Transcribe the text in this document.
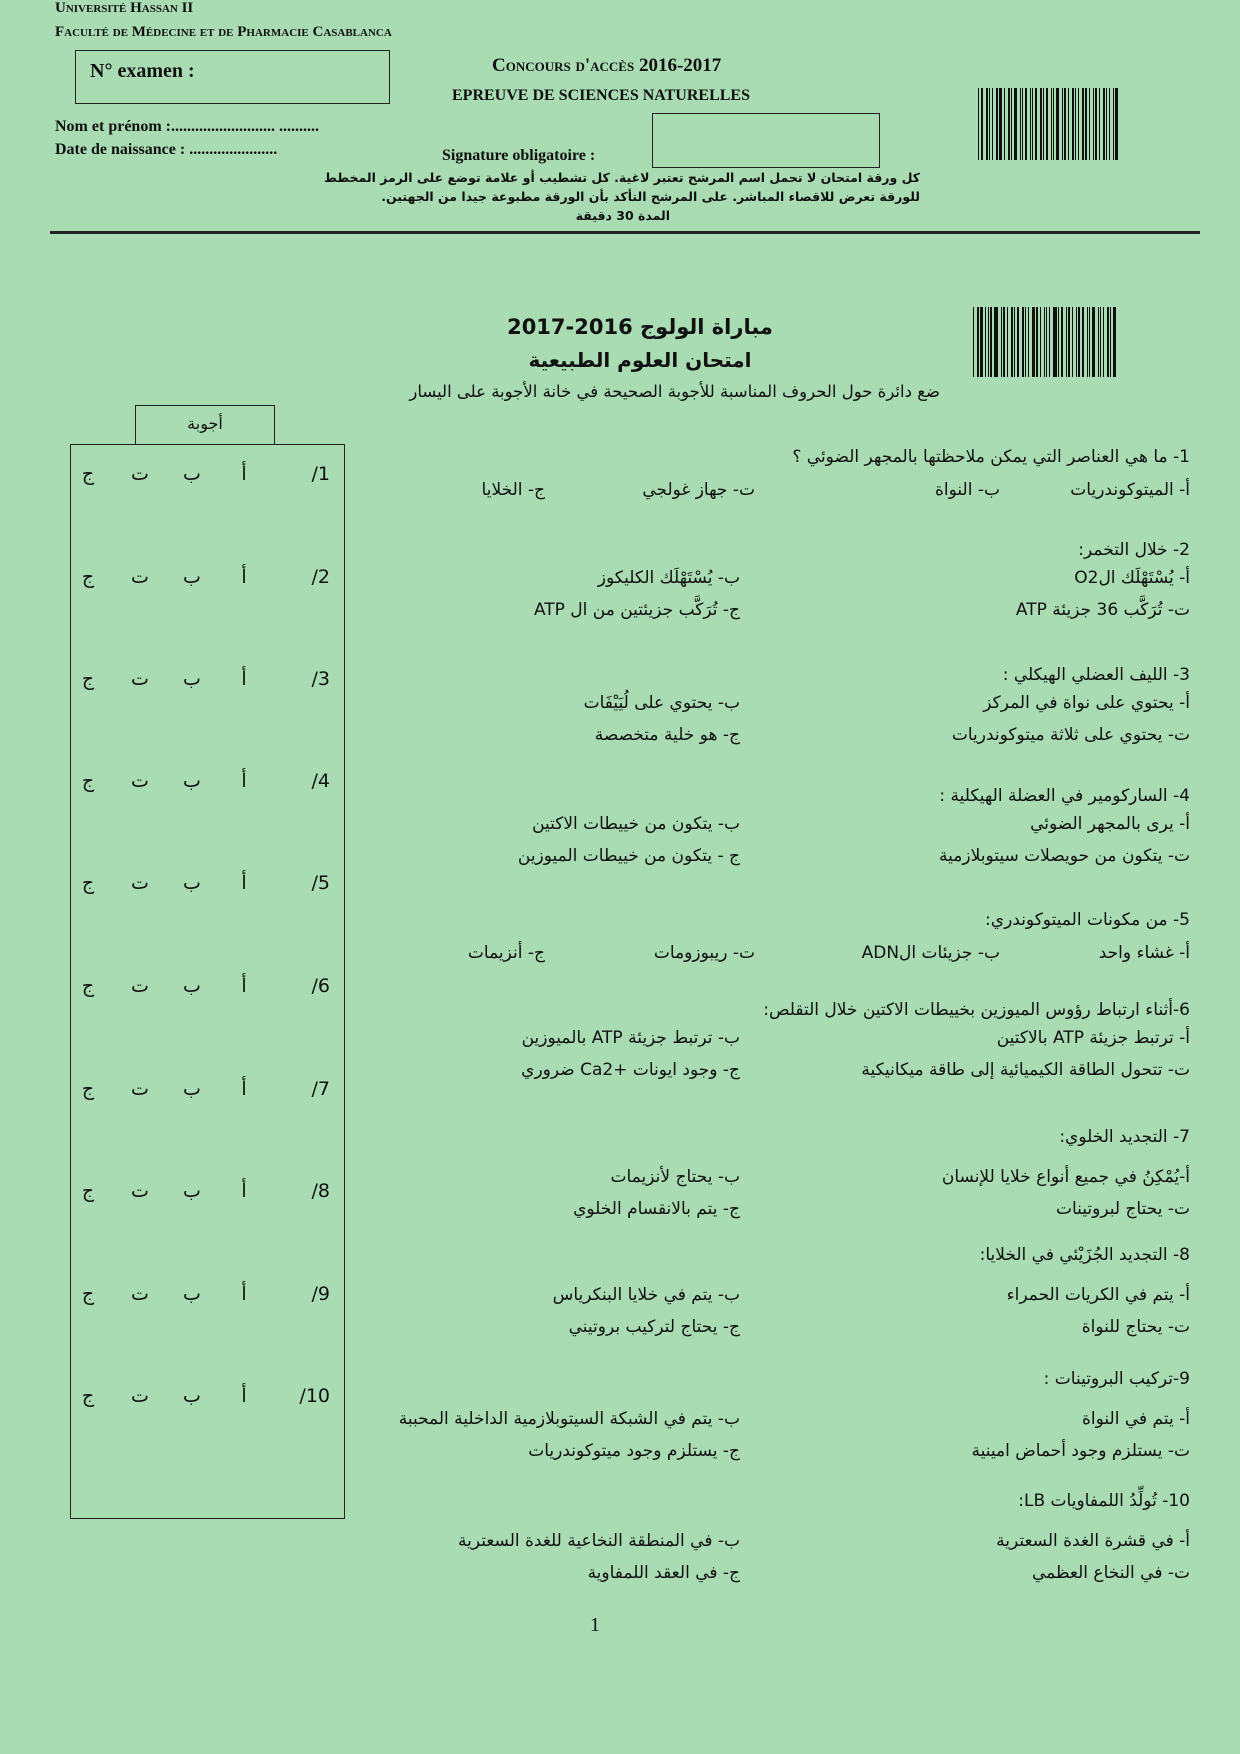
Université Hassan II
Faculté de Médecine et de Pharmacie Casablanca
N° examen :	Concours d'accès 2016-2017
EPREUVE DE SCIENCES NATURELLES
Nom et prénom :.......................... ..........
Date de naissance : ......................	Signature obligatoire :
كل ورقة امتحان لا تحمل اسم المرشح تعتبر لاغية. كل تشطيب أو علامة توضع على الرمز المخطط
للورقة تعرض للاقصاء المباشر. على المرشح التأكد بأن الورقة مطبوعة جيدا من الجهتين.
المدة 30 دقيقة
مباراة الولوج 2016-2017
امتحان العلوم الطبيعية
ضع دائرة حول الحروف المناسبة للأجوبة الصحيحة في خانة الأجوبة على اليسار
أجوبة
/1
أ
ب
ت
ج
/2
أ
ب
ت
ج
/3
أ
ب
ت
ج
/4
أ
ب
ت
ج
/5
أ
ب
ت
ج
/6
أ
ب
ت
ج
/7
أ
ب
ت
ج
/8
أ
ب
ت
ج
/9
أ
ب
ت
ج
/10
أ
ب
ت
ج
1- ما هي العناصر التي يمكن ملاحظتها بالمجهر الضوئي ؟
أ- الميتوكوندريات
ب- النواة
ت- جهاز غولجي
ج- الخلايا
2- خلال التخمر:
أ- يُسْتَهْلَك الO2
ب- يُسْتَهْلَك الكليكوز
ت- تُرَكَّب 36 جزيئة ATP
ج- تُرَكَّب جزيئتين من ال ATP
3- الليف العضلي الهيكلي :
أ- يحتوي على نواة في المركز
ب- يحتوي على لُيَيْفَات
ت- يحتوي على ثلاثة ميتوكوندريات
ج- هو خلية متخصصة
4- الساركومير في العضلة الهيكلية :
أ- يرى بالمجهر الضوئي
ب- يتكون من خييطات الاكتين
ت- يتكون من حويصلات سيتوبلازمية
ج - يتكون من خييطات الميوزين
5- من مكونات الميتوكوندري:
أ- غشاء واحد
ب- جزيئات الADN
ت- ريبوزومات
ج- أنزيمات
6-أثناء ارتباط رؤوس الميوزين بخييطات الاكتين خلال التقلص:
أ- ترتبط جزيئة ATP بالاكتين
ب- ترتبط جزيئة ATP بالميوزين
ت- تتحول الطاقة الكيميائية إلى طاقة ميكانيكية
ج- وجود ايونات +Ca2 ضروري
7- التجديد الخلوي:
أ-يُمْكِنُ في جميع أنواع خلايا للإنسان
ب- يحتاج لأنزيمات
ت- يحتاج لبروتينات
ج- يتم بالانقسام الخلوي
8- التجديد الجُزَيْئي في الخلايا:
أ- يتم في الكريات الحمراء
ب- يتم في خلايا البنكرياس
ت- يحتاج للنواة
ج- يحتاج لتركيب بروتيني
9-تركيب البروتينات :
أ- يتم في النواة
ب- يتم في الشبكة السيتوبلازمية الداخلية المحببة
ت- يستلزم وجود أحماض امينية
ج- يستلزم وجود ميتوكوندريات
10- تُولِّدُ اللمفاويات LB:
أ- في قشرة الغدة السعترية
ب- في المنطقة النخاعية للغدة السعترية
ت- في النخاع العظمي
ج- في العقد اللمفاوية
1
